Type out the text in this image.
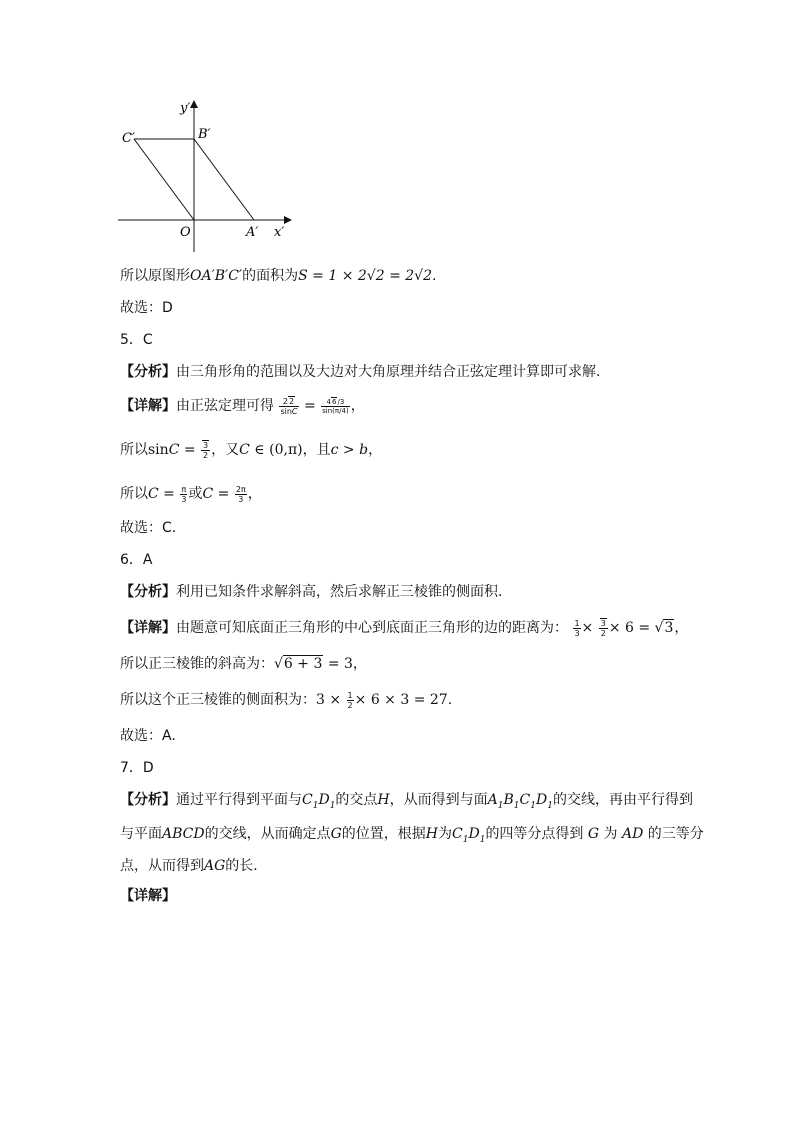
y′
B′
C′
O	A′ x′
所以原图形OA′B′C′的面积为S = 1 × 2√2 = 2√2.
故选：D
5．C
【分析】由三角形角的范围以及大边对大角原理并结合正弦定理计算即可求解.
【详解】由正弦定理可得 $\frac{22}{\sin C} = \frac{46/3}{\sin(\pi/4)}$ ，
所以$\sin C = \frac{3}{2}$ ，又C ∈ (0,π)，且c > b，
所以$C = \frac{\pi}{3}$ 或$C = \frac{2\pi}{3}$ ，
故选：C.
6．A
【分析】利用已知条件求解斜高，然后求解正三棱锥的侧面积．
【详解】由题意可知底面正三角形的中心到底面正三角形的边的距离为： $\frac{1}{3} \times \frac{3}{2} \times 6 = √3$，
所以正三棱锥的斜高为：√6 + 3 = 3，
所以这个正三棱锥的侧面积为：$3 \times \frac{1}{2} \times 6 \times 3 = 27$.
故选：A.
7．D
【分析】通过平行得到平面与$C_1D_1$的交点H，从而得到与面$A_1B_1C_1D_1$的交线，再由平行得到
与平面ABCD的交线，从而确定点G的位置，根据H为$C_1D_1$的四等分点得到 G 为 AD 的三等分
点，从而得到AG的长.
【详解】
